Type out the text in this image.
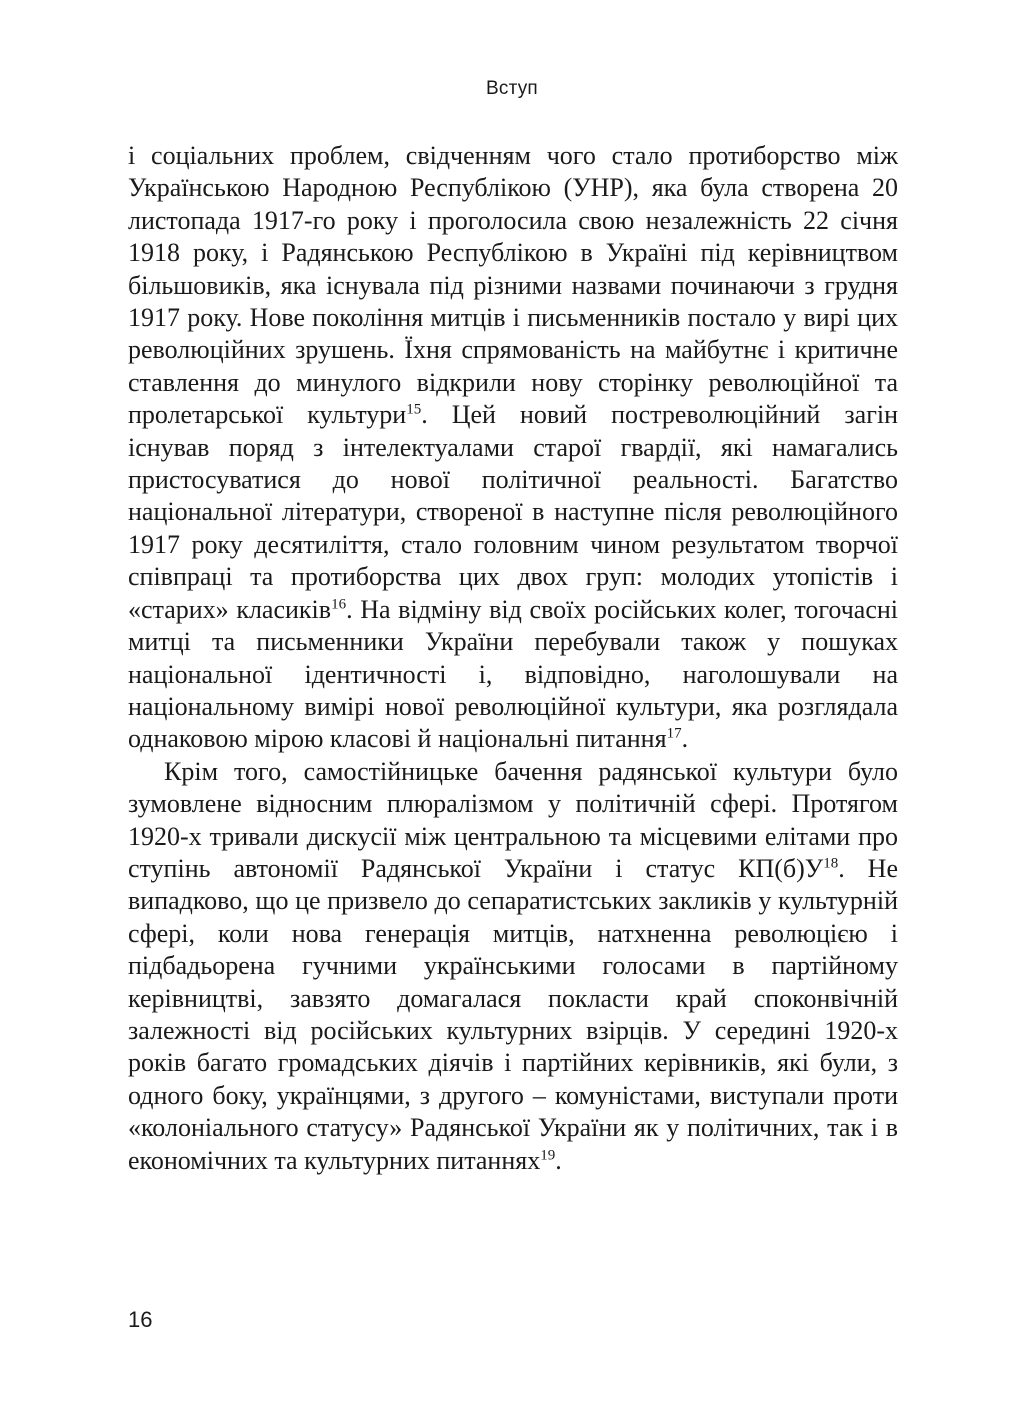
Вступ

і соціальних проблем, свідченням чого стало протиборство між Українською Народною Республікою (УНР), яка була створена 20 листопада 1917-го року і проголосила свою незалежність 22 січня 1918 року, і Радянською Республікою в Україні під керівництвом більшовиків, яка існувала під різними назвами починаючи з грудня 1917 року. Нове покоління митців і письменників постало у вирі цих революційних зрушень. Їхня спрямованість на майбутнє і критичне ставлення до минулого відкрили нову сторінку революційної та пролетарської культури$^{15}$. Цей новий постреволюційний загін існував поряд з інтелектуалами старої гвардії, які намагались пристосуватися до нової політичної реальності. Багатство національної літератури, створеної в наступне після революційного 1917 року десятиліття, стало головним чином результатом творчої співпраці та протиборства цих двох груп: молодих утопістів і «старих» класиків$^{16}$. На відміну від своїх російських колег, тогочасні митці та письменники України перебували також у пошуках національної ідентичності і, відповідно, наголошували на національному вимірі нової революційної культури, яка розглядала однаковою мірою класові й національні питання$^{17}$.

Крім того, самостійницьке бачення радянської культури було зумовлене відносним плюралізмом у політичній сфері. Протягом 1920-х тривали дискусії між центральною та місцевими елітами про ступінь автономії Радянської України і статус КП(б)У$^{18}$. Не випадково, що це призвело до сепаратистських закликів у культурній сфері, коли нова генерація митців, натхненна революцією і підбадьорена гучними українськими голосами в партійному керівництві, завзято домагалася покласти край споконвічній залежності від російських культурних взірців. У середині 1920-х років багато громадських діячів і партійних керівників, які були, з одного боку, українцями, з другого – комуністами, виступали проти «колоніального статусу» Радянської України як у політичних, так і в економічних та культурних питаннях$^{19}$.

16
